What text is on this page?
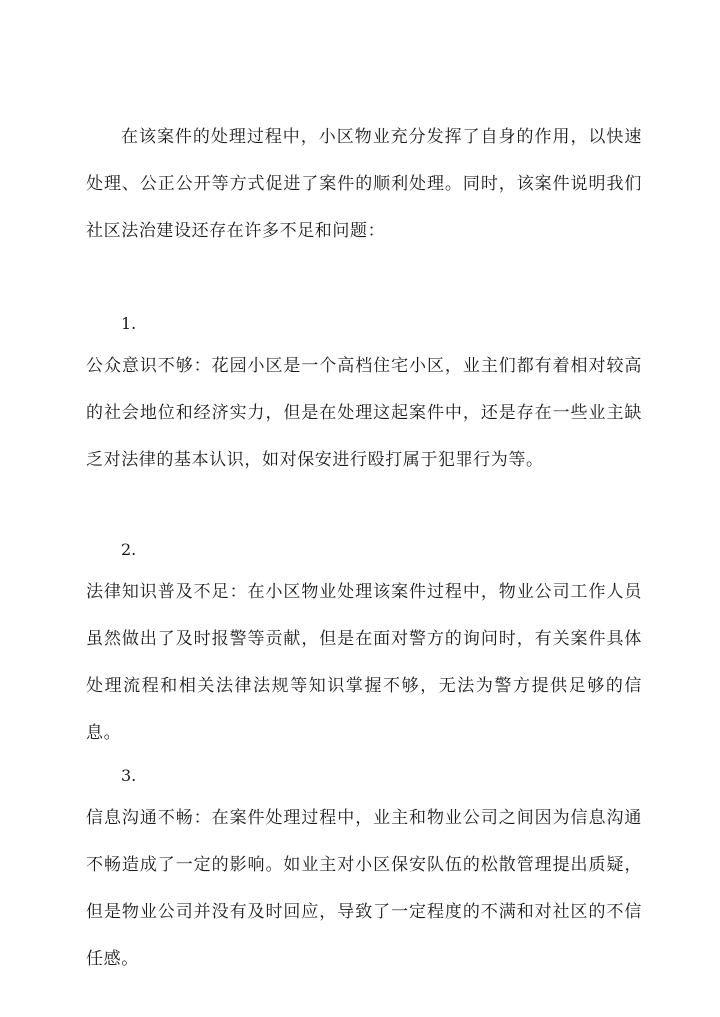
在该案件的处理过程中，小区物业充分发挥了自身的作用，以快速处理、公正公开等方式促进了案件的顺利处理。同时，该案件说明我们社区法治建设还存在许多不足和问题：

1.

公众意识不够：花园小区是一个高档住宅小区，业主们都有着相对较高的社会地位和经济实力，但是在处理这起案件中，还是存在一些业主缺乏对法律的基本认识，如对保安进行殴打属于犯罪行为等。

2.

法律知识普及不足：在小区物业处理该案件过程中，物业公司工作人员虽然做出了及时报警等贡献，但是在面对警方的询问时，有关案件具体处理流程和相关法律法规等知识掌握不够，无法为警方提供足够的信息。

3.

信息沟通不畅：在案件处理过程中，业主和物业公司之间因为信息沟通不畅造成了一定的影响。如业主对小区保安队伍的松散管理提出质疑，但是物业公司并没有及时回应，导致了一定程度的不满和对社区的不信任感。
